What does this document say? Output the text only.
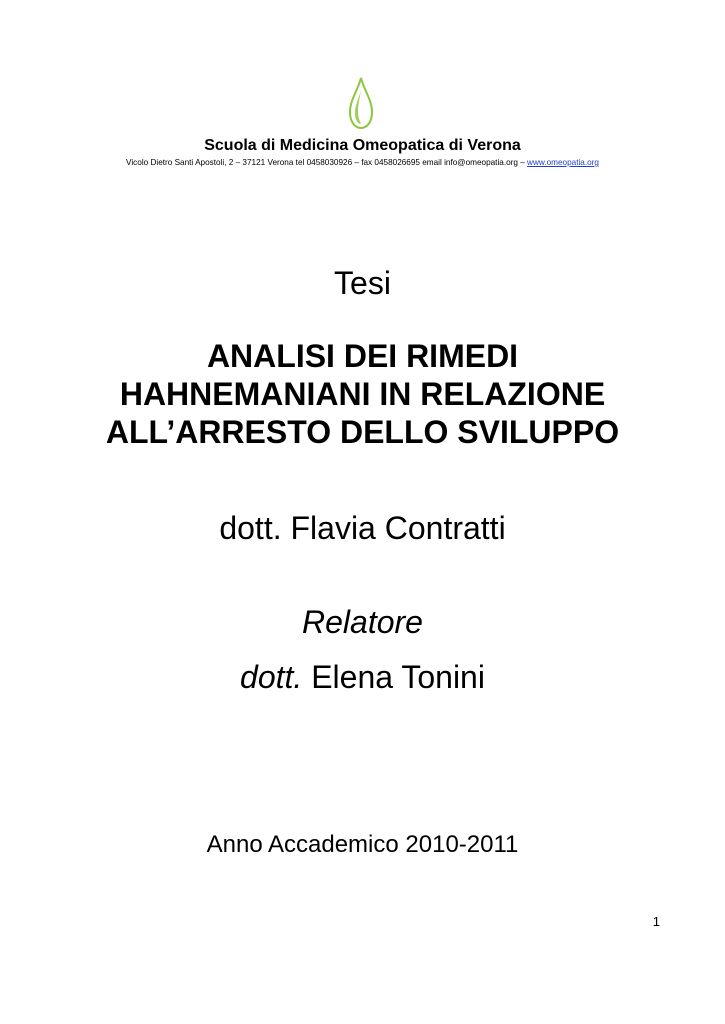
Scuola di Medicina Omeopatica di Verona
Vicolo Dietro Santi Apostoli, 2 – 37121 Verona tel 0458030926 – fax 0458026695 email info@omeopatia.org – www.omeopatia.org
Tesi
ANALISI DEI RIMEDI
HAHNEMANIANI IN RELAZIONE
ALL’ARRESTO DELLO SVILUPPO
dott. Flavia Contratti
Relatore
dott. Elena Tonini
Anno Accademico 2010-2011
1
